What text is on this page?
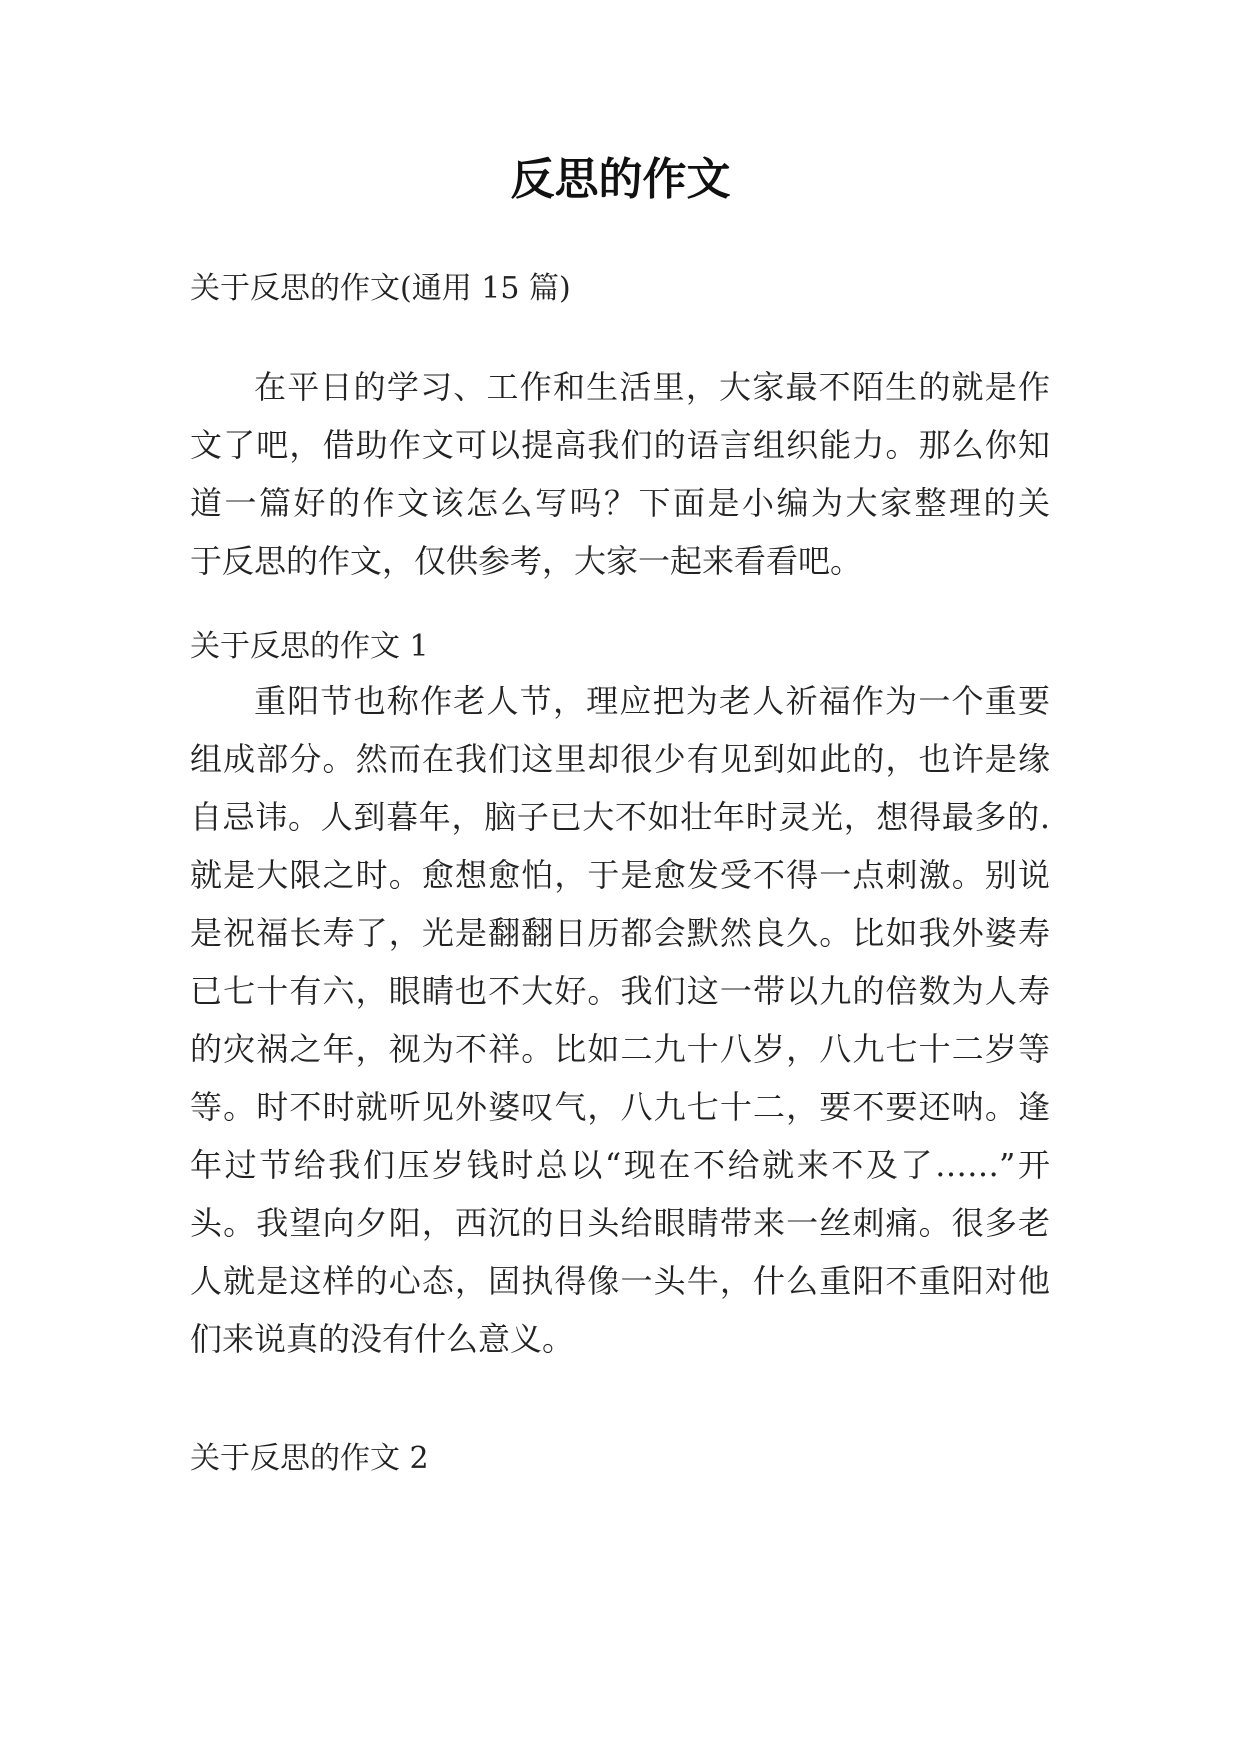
反思的作文
关于反思的作文(通用 15 篇)
在平日的学习、工作和生活里，大家最不陌生的就是作
文了吧，借助作文可以提高我们的语言组织能力。那么你知
道一篇好的作文该怎么写吗？下面是小编为大家整理的关
于反思的作文，仅供参考，大家一起来看看吧。
关于反思的作文 1
重阳节也称作老人节，理应把为老人祈福作为一个重要
组成部分。然而在我们这里却很少有见到如此的，也许是缘
自忌讳。人到暮年，脑子已大不如壮年时灵光，想得最多的.
就是大限之时。愈想愈怕，于是愈发受不得一点刺激。别说
是祝福长寿了，光是翻翻日历都会默然良久。比如我外婆寿
已七十有六，眼睛也不大好。我们这一带以九的倍数为人寿
的灾祸之年，视为不祥。比如二九十八岁，八九七十二岁等
等。时不时就听见外婆叹气，八九七十二，要不要还呐。逢
年过节给我们压岁钱时总以“现在不给就来不及了……”开
头。我望向夕阳，西沉的日头给眼睛带来一丝刺痛。很多老
人就是这样的心态，固执得像一头牛，什么重阳不重阳对他
们来说真的没有什么意义。
关于反思的作文 2
